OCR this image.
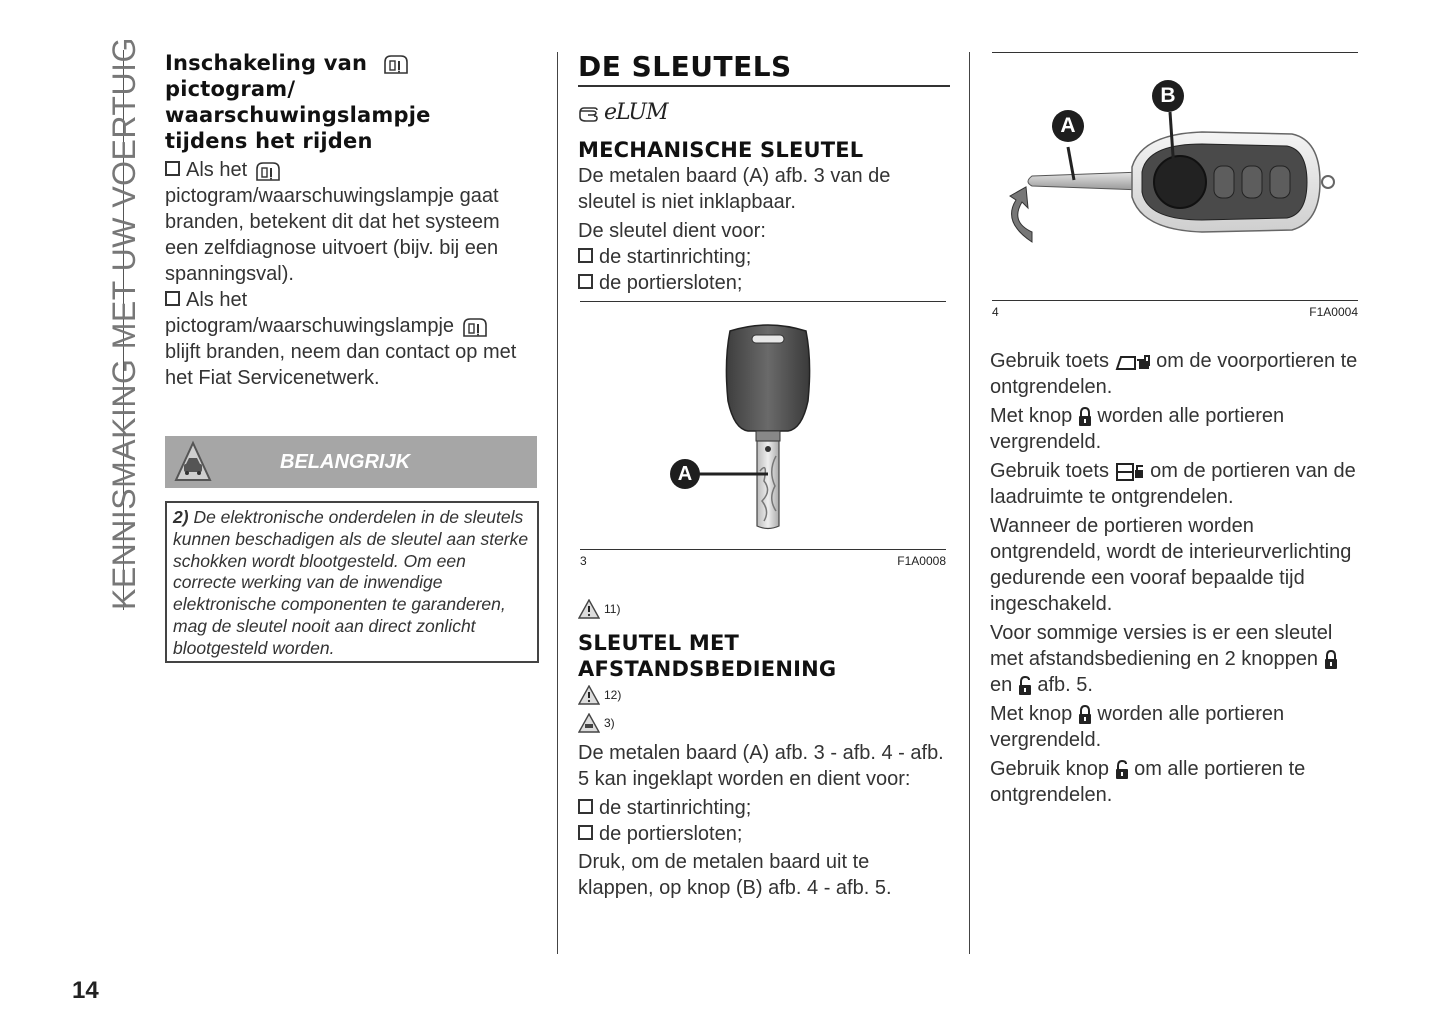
KENNISMAKING MET UW VOERTUIG
14
Inschakeling van
pictogram/
waarschuwingslampje
tijdens het rijden
Als het
pictogram/waarschuwingslampje gaat branden, betekent dit dat het systeem een zelfdiagnose uitvoert (bijv. bij een spanningsval).
Als het
pictogram/waarschuwingslampje
blijft branden, neem dan contact op met het Fiat Servicenetwerk.
BELANGRIJK
2) De elektronische onderdelen in de sleutels kunnen beschadigen als de sleutel aan sterke schokken wordt blootgesteld. Om een correcte werking van de inwendige elektronische componenten te garanderen, mag de sleutel nooit aan direct zonlicht blootgesteld worden.
DE SLEUTELS
eLUM
MECHANISCHE SLEUTEL
De metalen baard (A) afb. 3 van de sleutel is niet inklapbaar.
De sleutel dient voor:
de startinrichting;
de portiersloten;
A
3	F1A0008
11)
SLEUTEL MET
AFSTANDSBEDIENING
12)
3)
De metalen baard (A) afb. 3 - afb. 4 - afb. 5 kan ingeklapt worden en dient voor:
de startinrichting;
de portiersloten;
Druk, om de metalen baard uit te klappen, op knop (B) afb. 4 - afb. 5.
A
B
4	F1A0004
Gebruik toets om de voorportieren te ontgrendelen.
Met knop worden alle portieren vergrendeld.
Gebruik toets om de portieren van de laadruimte te ontgrendelen.
Wanneer de portieren worden ontgrendeld, wordt de interieurverlichting gedurende een vooraf bepaalde tijd ingeschakeld.
Voor sommige versies is er een sleutel met afstandsbediening en 2 knoppen  en afb. 5.
Met knop worden alle portieren vergrendeld.
Gebruik knop om alle portieren te ontgrendelen.
